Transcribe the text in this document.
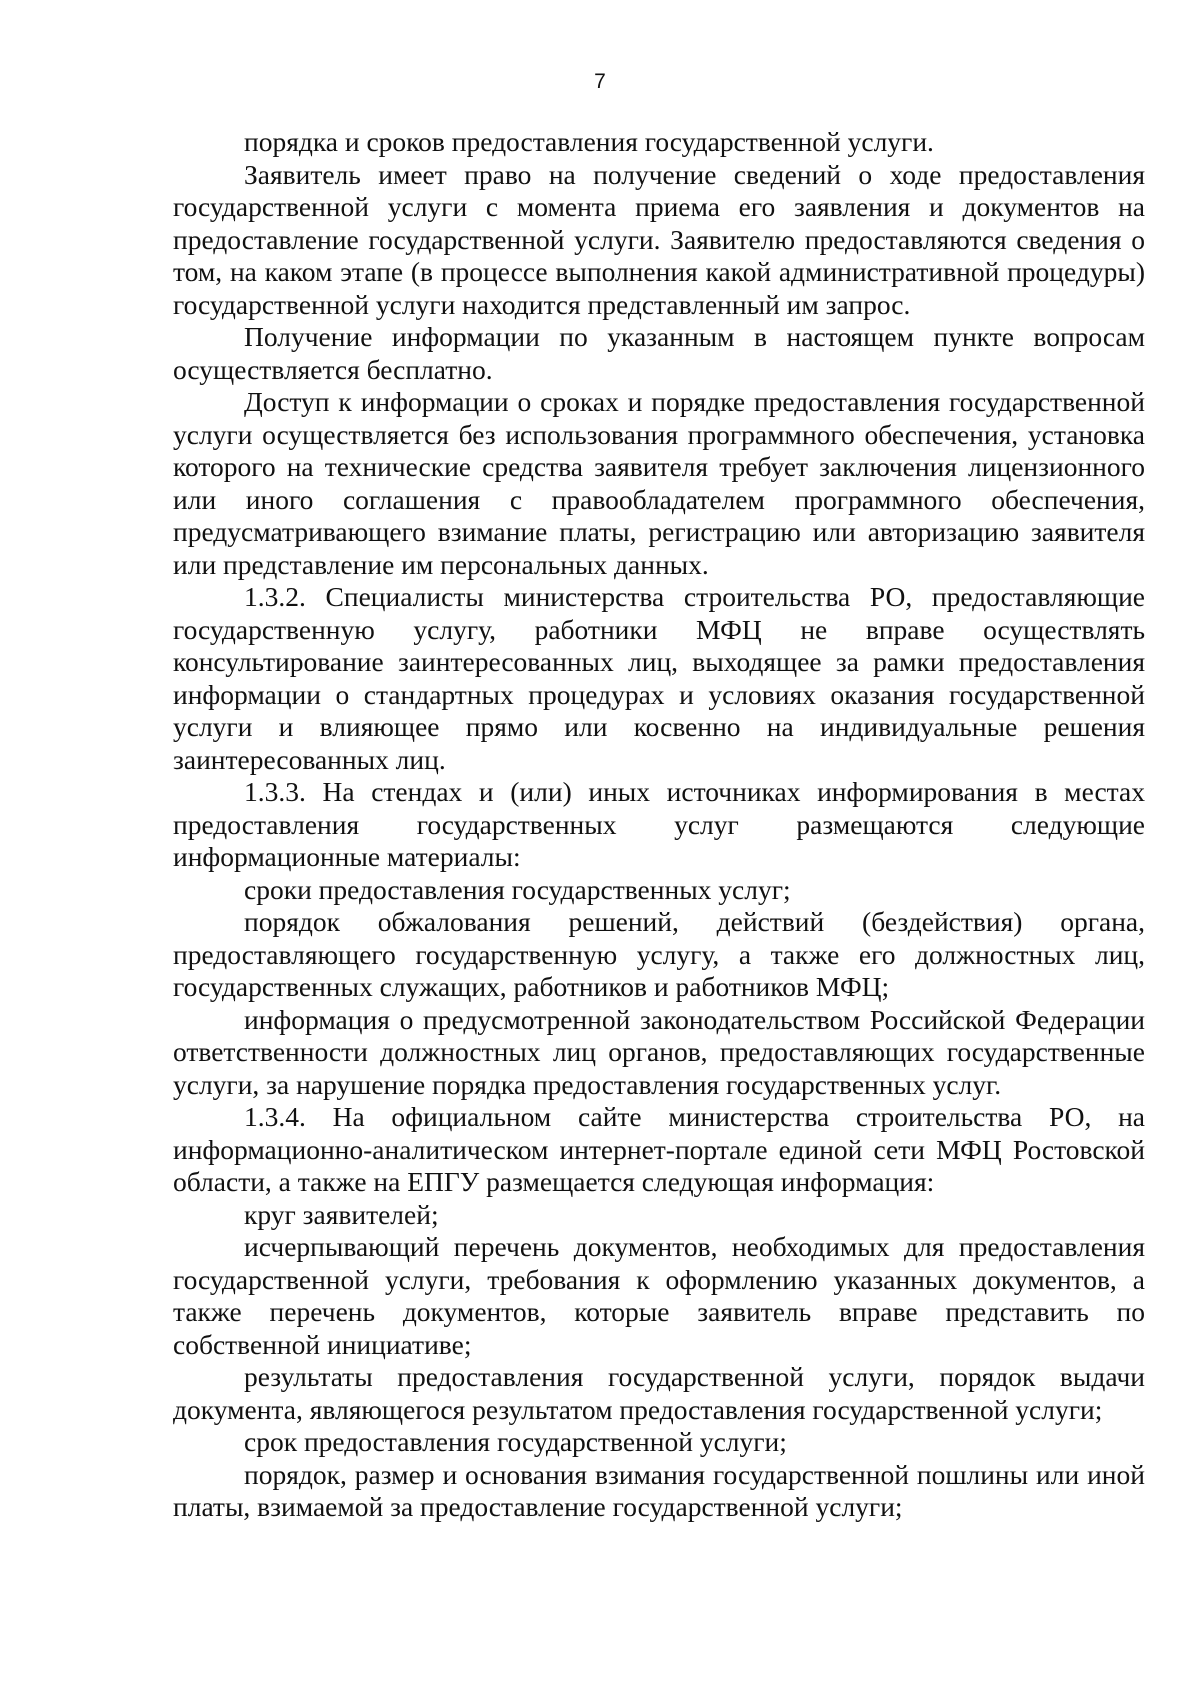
7

порядка и сроков предоставления государственной услуги.

Заявитель имеет право на получение сведений о ходе предоставления государственной услуги с момента приема его заявления и документов на предоставление государственной услуги. Заявителю предоставляются сведения о том, на каком этапе (в процессе выполнения какой административной процедуры) государственной услуги находится представленный им запрос.

Получение информации по указанным в настоящем пункте вопросам осуществляется бесплатно.

Доступ к информации о сроках и порядке предоставления государственной услуги осуществляется без использования программного обеспечения, установка которого на технические средства заявителя требует заключения лицензионного или иного соглашения с правообладателем программного обеспечения, предусматривающего взимание платы, регистрацию или авторизацию заявителя или представление им персональных данных.

1.3.2. Специалисты министерства строительства РО, предоставляющие государственную услугу, работники МФЦ не вправе осуществлять консультирование заинтересованных лиц, выходящее за рамки предоставления информации о стандартных процедурах и условиях оказания государственной услуги и влияющее прямо или косвенно на индивидуальные решения заинтересованных лиц.

1.3.3. На стендах и (или) иных источниках информирования в местах предоставления государственных услуг размещаются следующие информационные материалы:

сроки предоставления государственных услуг;

порядок обжалования решений, действий (бездействия) органа, предоставляющего государственную услугу, а также его должностных лиц, государственных служащих, работников и работников МФЦ;

информация о предусмотренной законодательством Российской Федерации ответственности должностных лиц органов, предоставляющих государственные услуги, за нарушение порядка предоставления государственных услуг.

1.3.4. На официальном сайте министерства строительства РО, на информационно-аналитическом интернет-портале единой сети МФЦ Ростовской области, а также на ЕПГУ размещается следующая информация:

круг заявителей;

исчерпывающий перечень документов, необходимых для предоставления государственной услуги, требования к оформлению указанных документов, а также перечень документов, которые заявитель вправе представить по собственной инициативе;

результаты предоставления государственной услуги, порядок выдачи документа, являющегося результатом предоставления государственной услуги;

срок предоставления государственной услуги;

порядок, размер и основания взимания государственной пошлины или иной платы, взимаемой за предоставление государственной услуги;
